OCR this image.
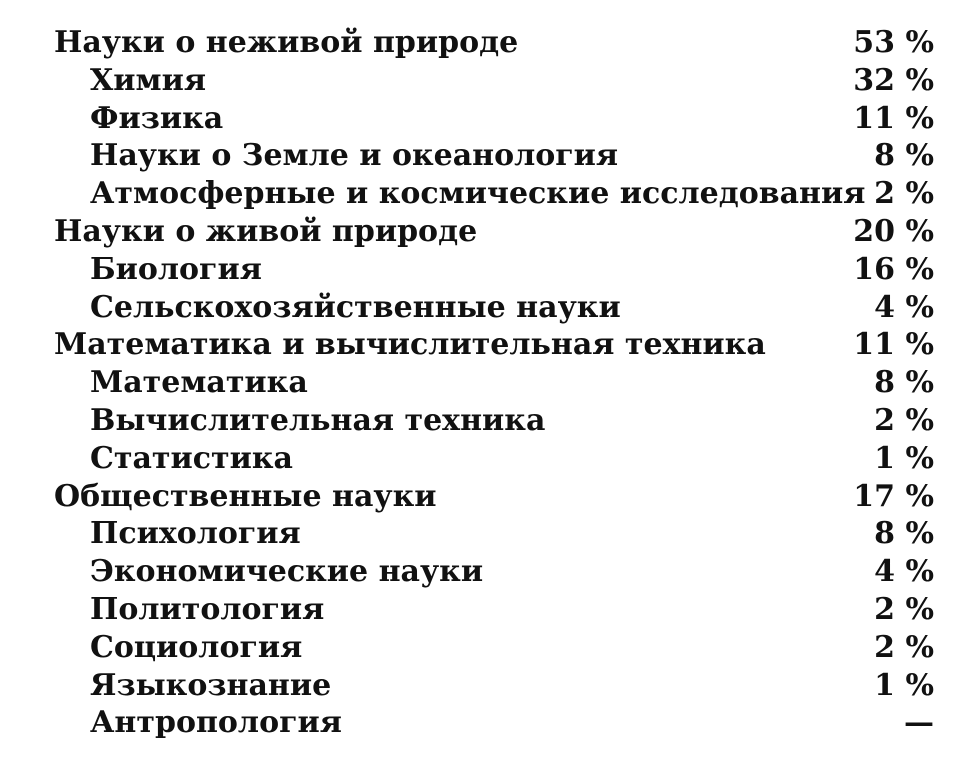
Науки о неживой природе	53 %
Химия	32 %
Физика	11 %
Науки о Земле и океанология	8 %
Атмосферные и космические исследования 2 %
Науки о живой природе	20 %
Биология	16 %
Сельскохозяйственные науки	4 %
Математика и вычислительная техника	11 %
Математика	8 %
Вычислительная техника	2 %
Статистика	1 %
Общественные науки	17 %
Психология	8 %
Экономические науки	4 %
Политология	2 %
Социология	2 %
Языкознание	1 %
Антропология	—
